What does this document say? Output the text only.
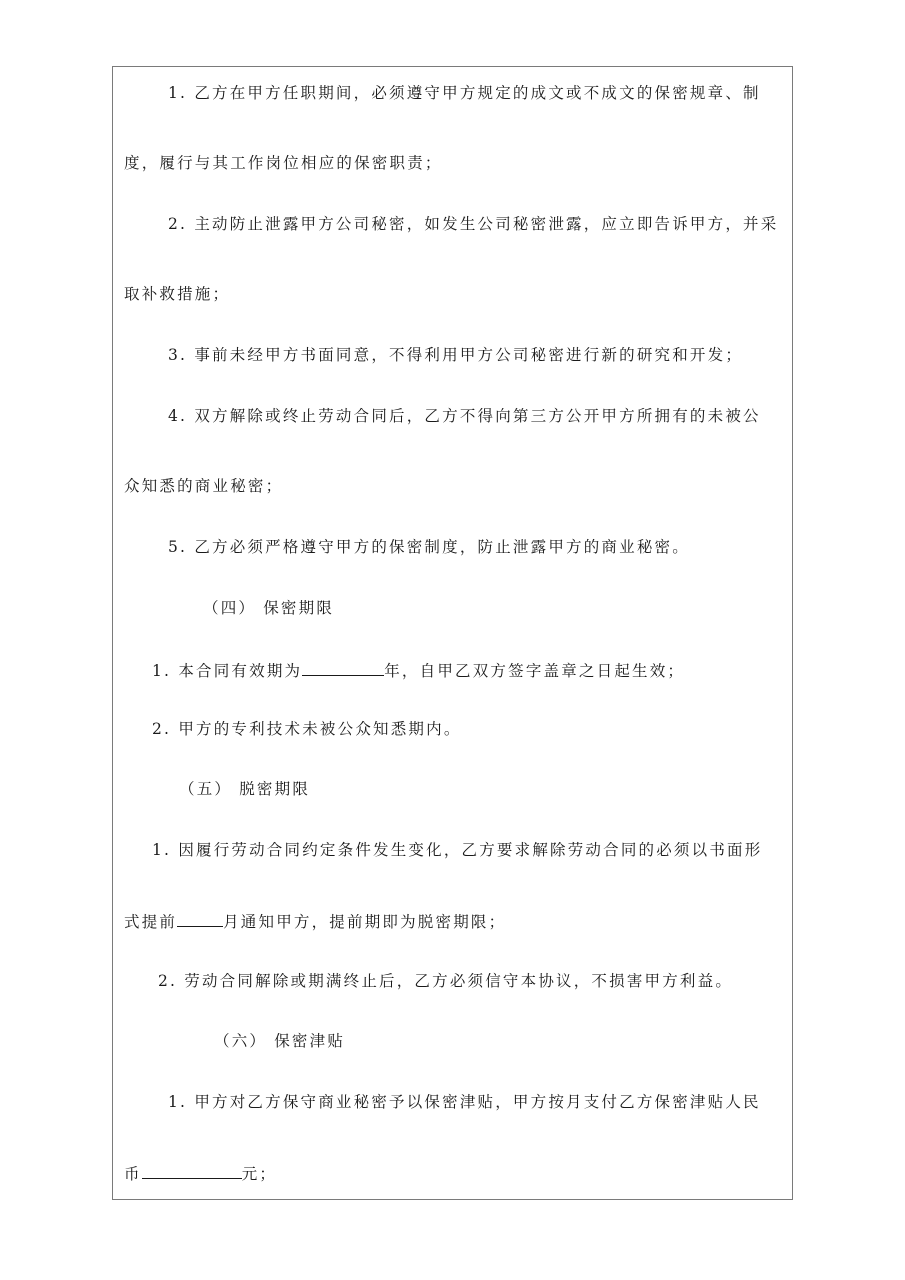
1. 乙方在甲方任职期间，必须遵守甲方规定的成文或不成文的保密规章、制
度，履行与其工作岗位相应的保密职责；
2. 主动防止泄露甲方公司秘密，如发生公司秘密泄露，应立即告诉甲方，并采
取补救措施；
3. 事前未经甲方书面同意，不得利用甲方公司秘密进行新的研究和开发；
4. 双方解除或终止劳动合同后，乙方不得向第三方公开甲方所拥有的未被公
众知悉的商业秘密；
5. 乙方必须严格遵守甲方的保密制度，防止泄露甲方的商业秘密。
（四） 保密期限
1. 本合同有效期为	年，自甲乙双方签字盖章之日起生效；
2. 甲方的专利技术未被公众知悉期内。
（五） 脱密期限
1. 因履行劳动合同约定条件发生变化，乙方要求解除劳动合同的必须以书面形
式提前	月通知甲方，提前期即为脱密期限；
2. 劳动合同解除或期满终止后，乙方必须信守本协议，不损害甲方利益。
（六） 保密津贴
1. 甲方对乙方保守商业秘密予以保密津贴，甲方按月支付乙方保密津贴人民
币	元；
